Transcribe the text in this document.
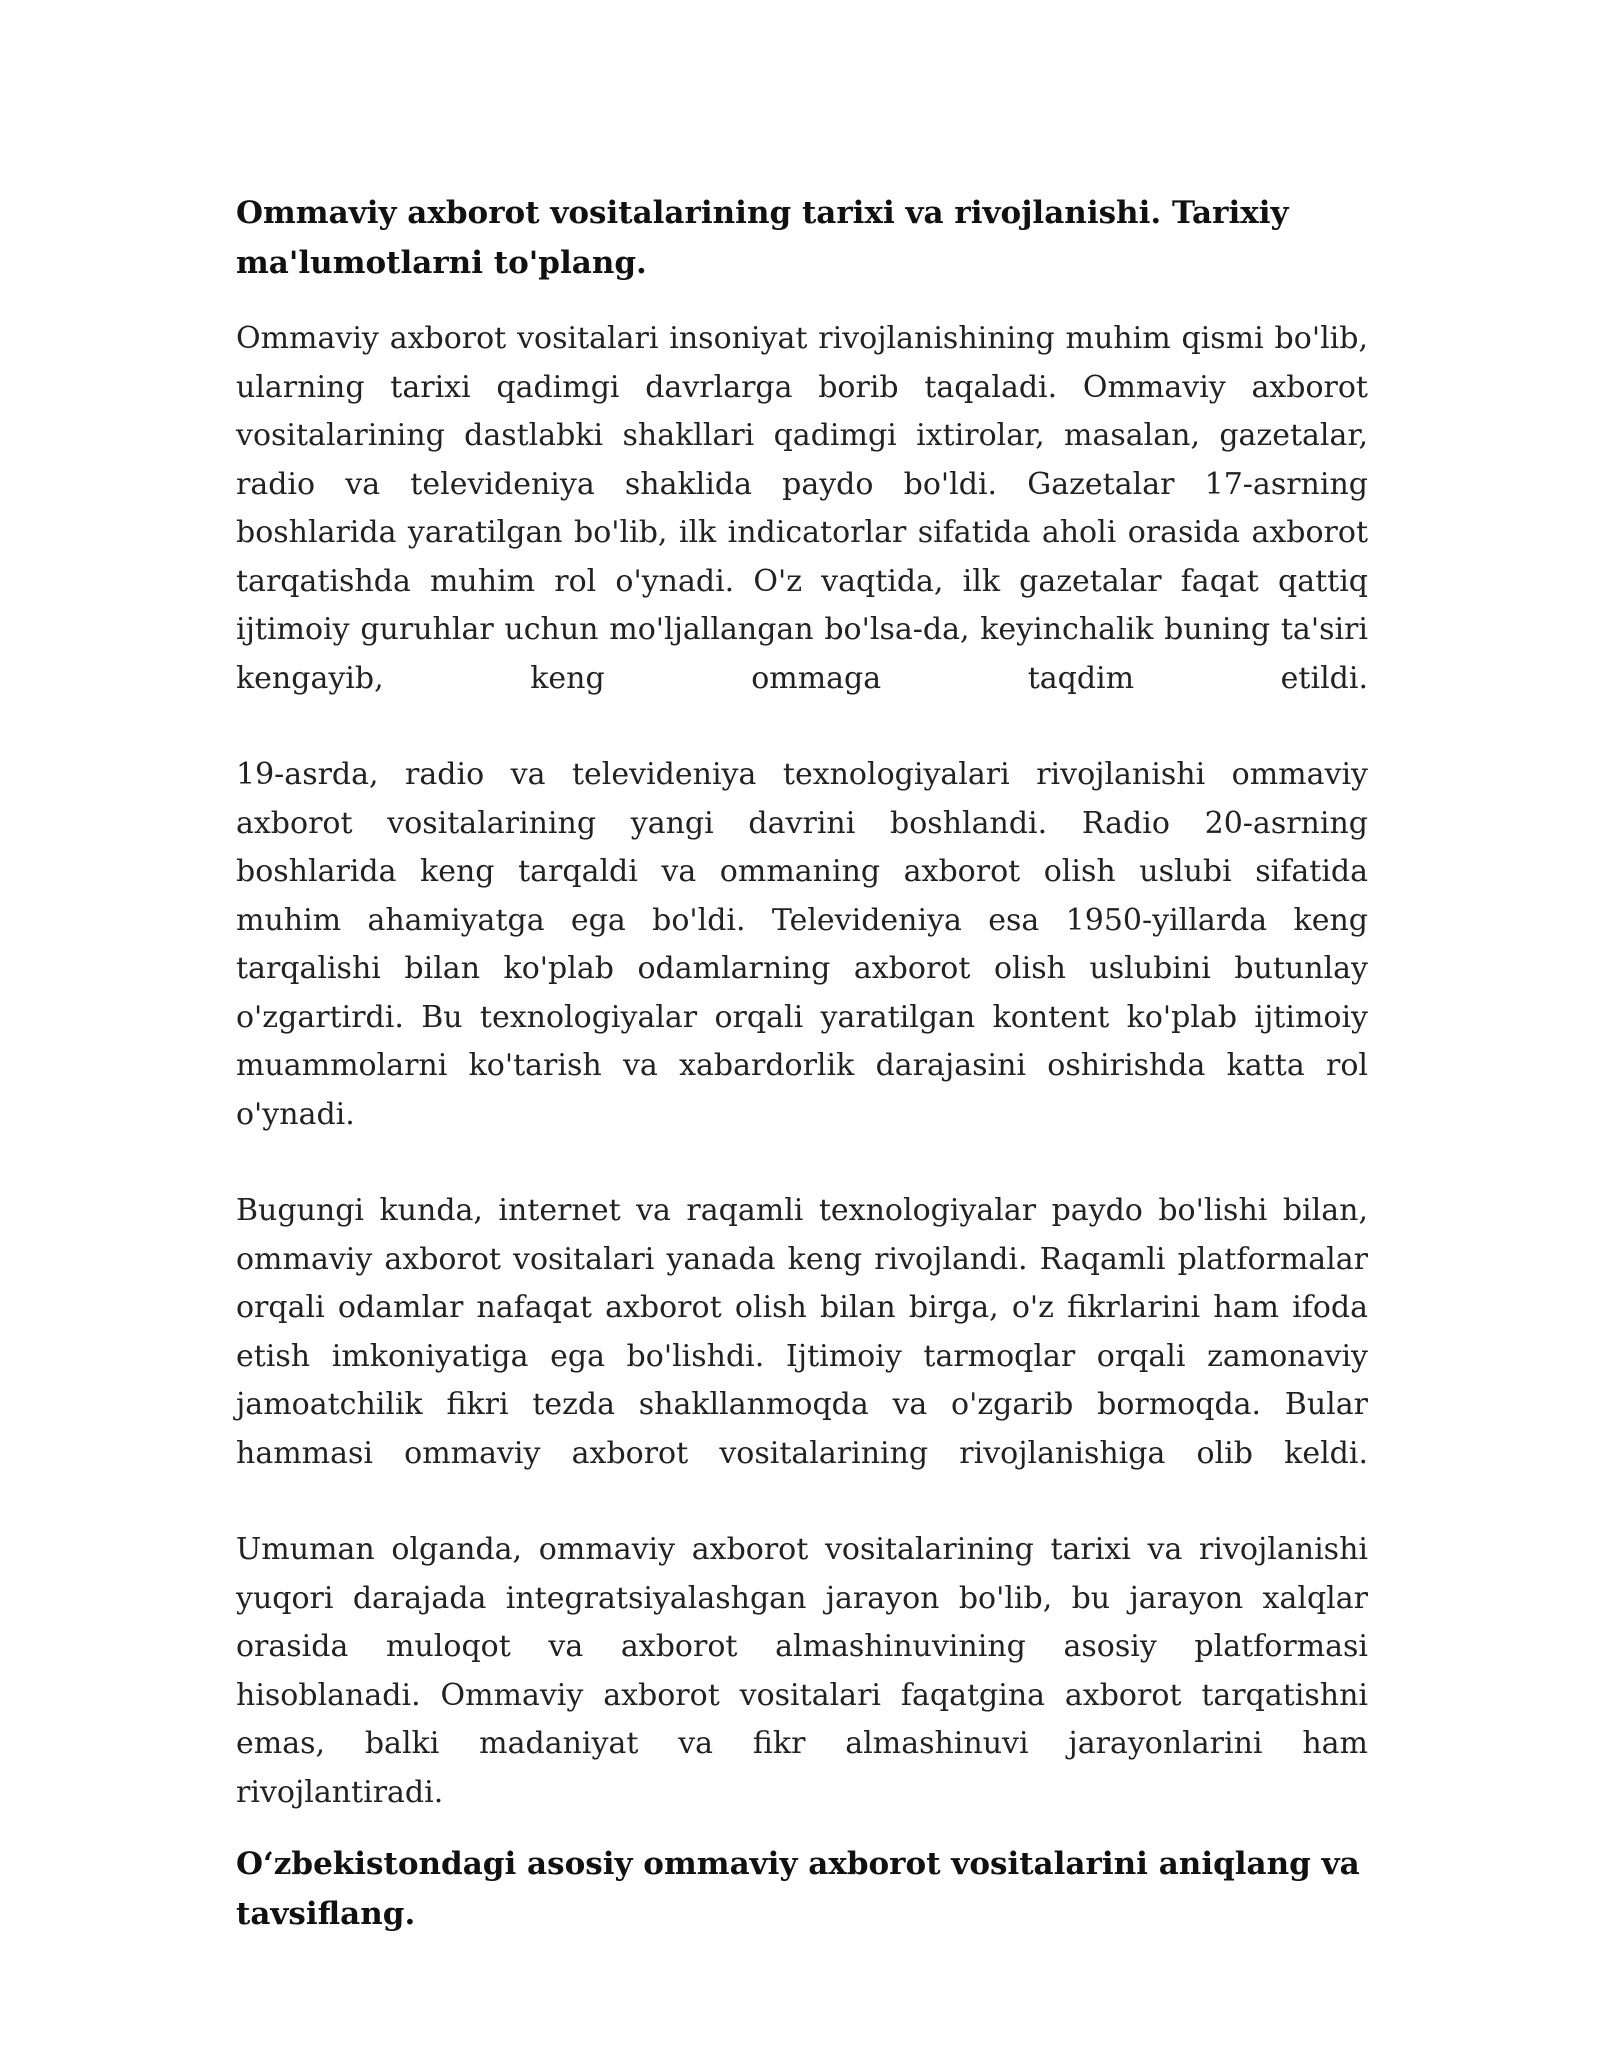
Ommaviy axborot vositalarining tarixi va rivojlanishi. Tarixiy ma'lumotlarni to'plang.

Ommaviy axborot vositalari insoniyat rivojlanishining muhim qismi bo'lib, ularning tarixi qadimgi davrlarga borib taqaladi. Ommaviy axborot vositalarining dastlabki shakllari qadimgi ixtirolar, masalan, gazetalar, radio va televideniya shaklida paydo bo'ldi. Gazetalar 17-asrning boshlarida yaratilgan bo'lib, ilk indicatorlar sifatida aholi orasida axborot tarqatishda muhim rol o'ynadi. O'z vaqtida, ilk gazetalar faqat qattiq ijtimoiy guruhlar uchun mo'ljallangan bo'lsa-da, keyinchalik buning ta'siri kengayib, keng ommaga taqdim etildi.

19-asrda, radio va televideniya texnologiyalari rivojlanishi ommaviy axborot vositalarining yangi davrini boshlandi. Radio 20-asrning boshlarida keng tarqaldi va ommaning axborot olish uslubi sifatida muhim ahamiyatga ega bo'ldi. Televideniya esa 1950-yillarda keng tarqalishi bilan ko'plab odamlarning axborot olish uslubini butunlay o'zgartirdi. Bu texnologiyalar orqali yaratilgan kontent ko'plab ijtimoiy muammolarni ko'tarish va xabardorlik darajasini oshirishda katta rol o'ynadi.

Bugungi kunda, internet va raqamli texnologiyalar paydo bo'lishi bilan, ommaviy axborot vositalari yanada keng rivojlandi. Raqamli platformalar orqali odamlar nafaqat axborot olish bilan birga, o'z fikrlarini ham ifoda etish imkoniyatiga ega bo'lishdi. Ijtimoiy tarmoqlar orqali zamonaviy jamoatchilik fikri tezda shakllanmoqda va o'zgarib bormoqda. Bular hammasi ommaviy axborot vositalarining rivojlanishiga olib keldi.

Umuman olganda, ommaviy axborot vositalarining tarixi va rivojlanishi yuqori darajada integratsiyalashgan jarayon bo'lib, bu jarayon xalqlar orasida muloqot va axborot almashinuvining asosiy platformasi hisoblanadi. Ommaviy axborot vositalari faqatgina axborot tarqatishni emas, balki madaniyat va fikr almashinuvi jarayonlarini ham rivojlantiradi.

O‘zbekistondagi asosiy ommaviy axborot vositalarini aniqlang va tavsiflang.
